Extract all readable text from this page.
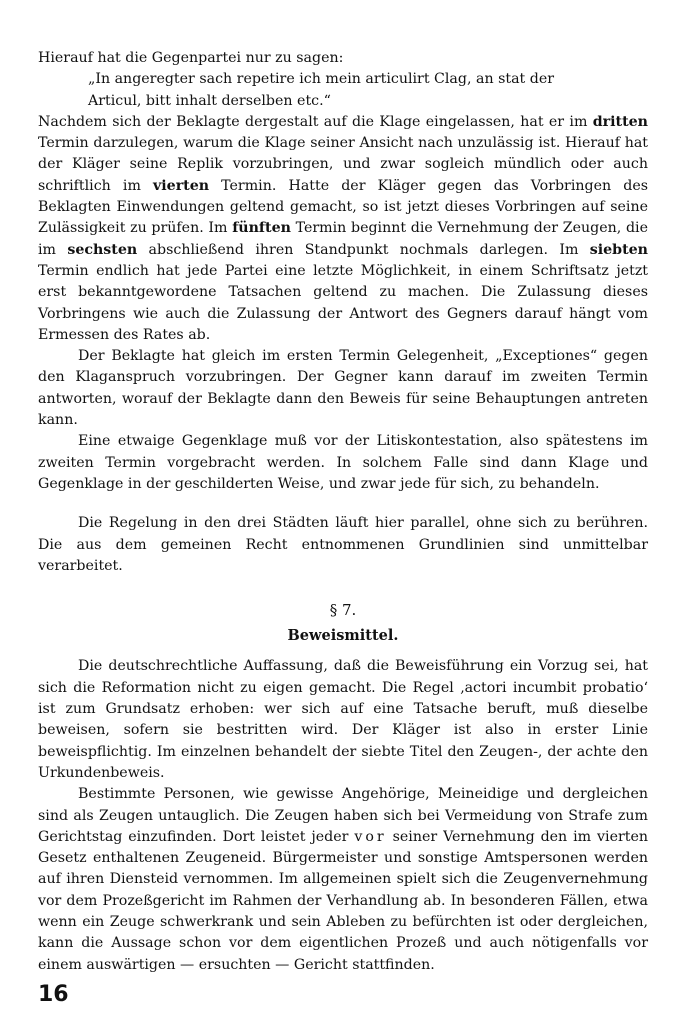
Hierauf hat die Gegenpartei nur zu sagen:

„In angeregter sach repetire ich mein articulirt Clag, an stat der

Articul, bitt inhalt derselben etc.“

Nachdem sich der Beklagte dergestalt auf die Klage eingelassen, hat er im dritten Termin darzulegen, warum die Klage seiner Ansicht nach unzulässig ist. Hierauf hat der Kläger seine Replik vorzubringen, und zwar sogleich mündlich oder auch schriftlich im vierten Termin. Hatte der Kläger gegen das Vorbringen des Beklagten Einwendungen geltend gemacht, so ist jetzt dieses Vorbringen auf seine Zulässigkeit zu prüfen. Im fünften Termin beginnt die Vernehmung der Zeugen, die im sechsten abschließend ihren Standpunkt nochmals darlegen. Im siebten Termin endlich hat jede Partei eine letzte Möglichkeit, in einem Schriftsatz jetzt erst bekanntgewordene Tatsachen geltend zu machen. Die Zulassung dieses Vorbringens wie auch die Zulassung der Antwort des Gegners darauf hängt vom Ermessen des Rates ab.

Der Beklagte hat gleich im ersten Termin Gelegenheit, „Exceptiones“ gegen den Klaganspruch vorzubringen. Der Gegner kann darauf im zweiten Termin antworten, worauf der Beklagte dann den Beweis für seine Behauptungen antreten kann.

Eine etwaige Gegenklage muß vor der Litiskontestation, also spätestens im zweiten Termin vorgebracht werden. In solchem Falle sind dann Klage und Gegenklage in der geschilderten Weise, und zwar jede für sich, zu behandeln.

Die Regelung in den drei Städten läuft hier parallel, ohne sich zu berühren. Die aus dem gemeinen Recht entnommenen Grundlinien sind unmittelbar verarbeitet.

§ 7.

Beweismittel.

Die deutschrechtliche Auffassung, daß die Beweisführung ein Vorzug sei, hat sich die Reformation nicht zu eigen gemacht. Die Regel ‚actori incumbit probatio‘ ist zum Grundsatz erhoben: wer sich auf eine Tatsache beruft, muß dieselbe beweisen, sofern sie bestritten wird. Der Kläger ist also in erster Linie beweispflichtig. Im einzelnen behandelt der siebte Titel den Zeugen-, der achte den Urkundenbeweis.

Bestimmte Personen, wie gewisse Angehörige, Meineidige und dergleichen sind als Zeugen untauglich. Die Zeugen haben sich bei Vermeidung von Strafe zum Gerichtstag einzufinden. Dort leistet jeder vor seiner Vernehmung den im vierten Gesetz enthaltenen Zeugeneid. Bürgermeister und sonstige Amtspersonen werden auf ihren Diensteid vernommen. Im allgemeinen spielt sich die Zeugenvernehmung vor dem Prozeßgericht im Rahmen der Verhandlung ab. In besonderen Fällen, etwa wenn ein Zeuge schwerkrank und sein Ableben zu befürchten ist oder dergleichen, kann die Aussage schon vor dem eigentlichen Prozeß und auch nötigenfalls vor einem auswärtigen — ersuchten — Gericht stattfinden.

16
